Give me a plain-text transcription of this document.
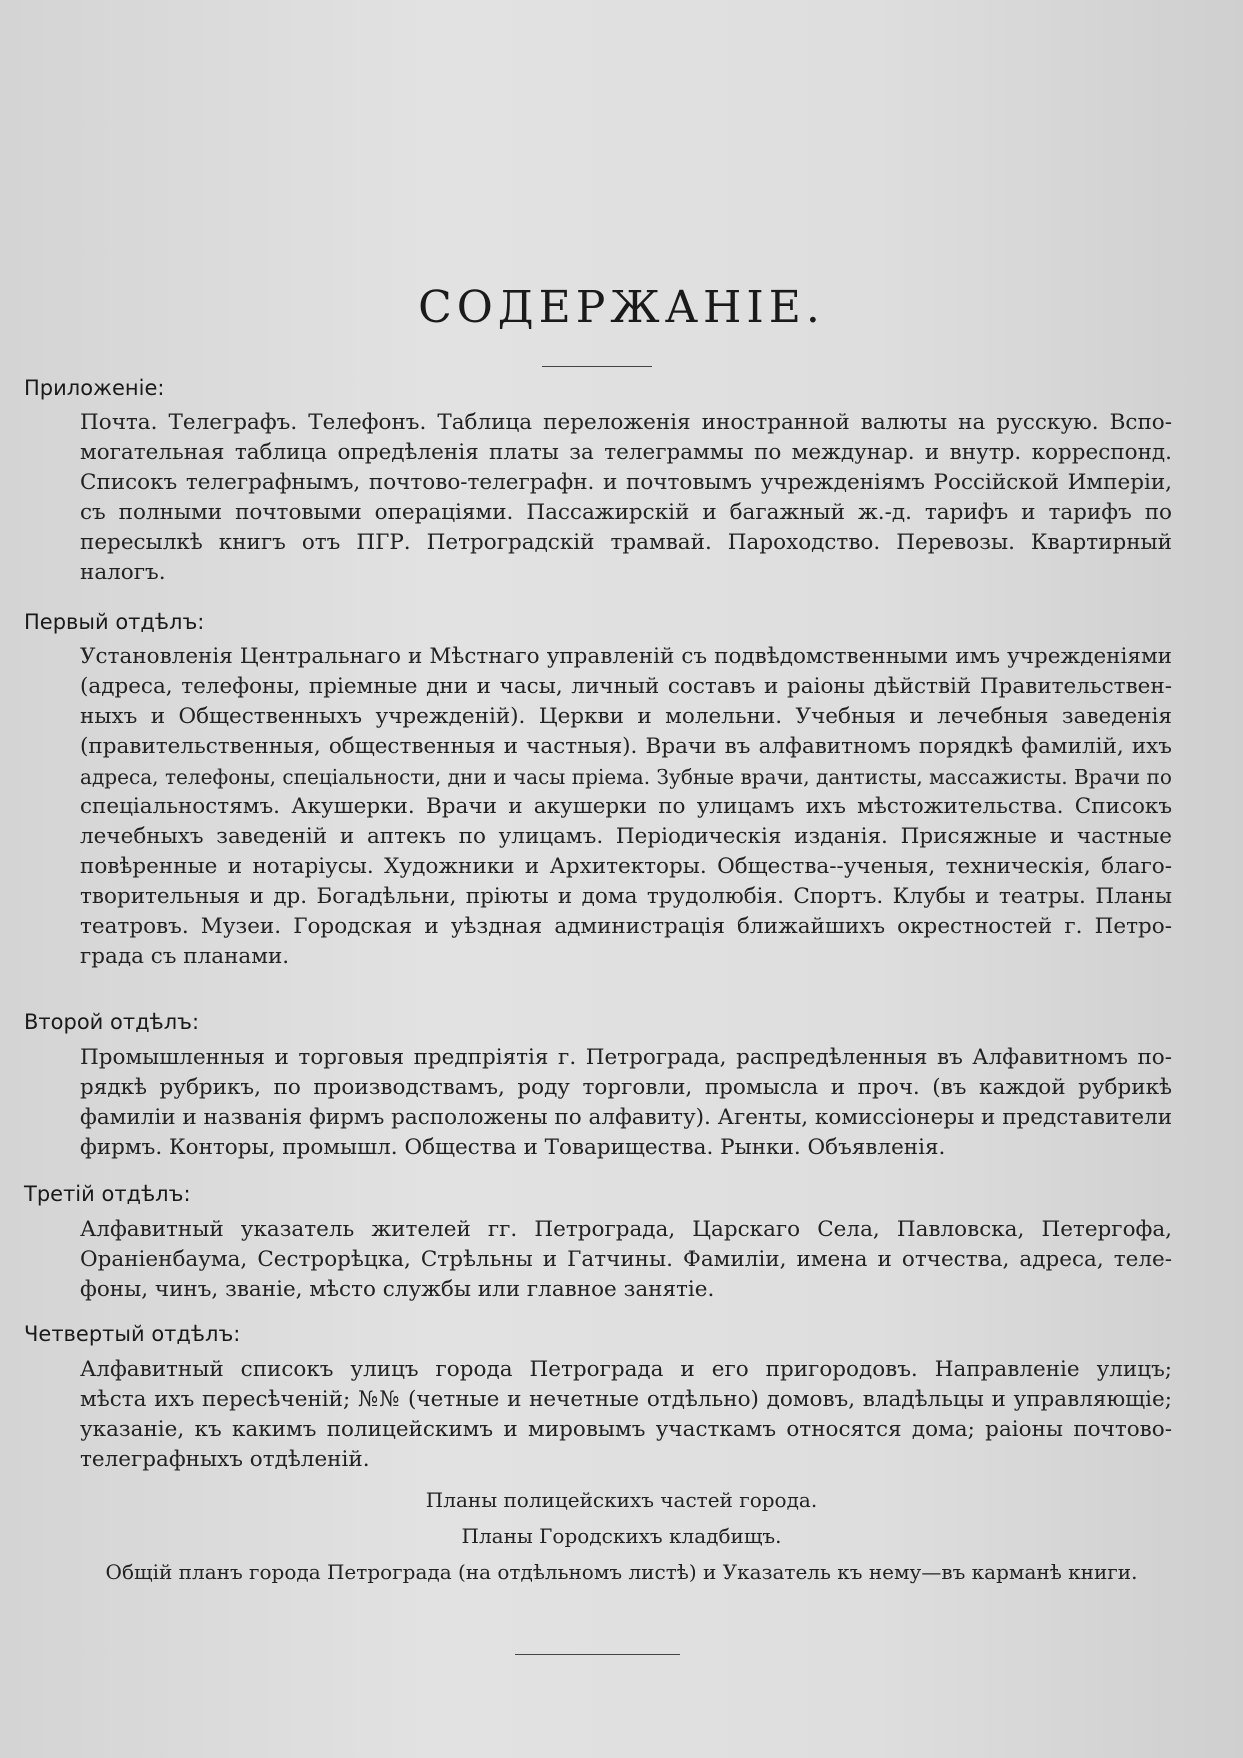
СОДЕРЖАНІЕ.
Приложеніе:
Почта. Телеграфъ. Телефонъ. Таблица переложенія иностранной валюты на русскую. Вспо-
могательная таблица опредѣленія платы за телеграммы по междунар. и внутр. корреспонд.
Списокъ телеграфнымъ, почтово-телеграфн. и почтовымъ учрежденіямъ Россійской Имперіи,
съ полными почтовыми операціями. Пассажирскій и багажный ж.-д. тарифъ и тарифъ по
пересылкѣ книгъ отъ ПГР. Петроградскій трамвай. Пароходство. Перевозы. Квартирный
налогъ.
Первый отдѣлъ:
Установленія Центральнаго и Мѣстнаго управленій съ подвѣдомственными имъ учрежденіями
(адреса, телефоны, пріемные дни и часы, личный составъ и раіоны дѣйствій Правительствен-
ныхъ и Общественныхъ учрежденій). Церкви и молельни. Учебныя и лечебныя заведенія
(правительственныя, общественныя и частныя). Врачи въ алфавитномъ порядкѣ фамилій, ихъ
адреса, телефоны, спеціальности, дни и часы пріема. Зубные врачи, дантисты, массажисты. Врачи по
спеціальностямъ. Акушерки. Врачи и акушерки по улицамъ ихъ мѣстожительства. Списокъ
лечебныхъ заведеній и аптекъ по улицамъ. Періодическія изданія. Присяжные и частные
повѣренные и нотаріусы. Художники и Архитекторы. Общества--ученыя, техническія, благо-
творительныя и др. Богадѣльни, пріюты и дома трудолюбія. Спортъ. Клубы и театры. Планы
театровъ. Музеи. Городская и уѣздная администрація ближайшихъ окрестностей г. Петро-
града съ планами.
Второй отдѣлъ:
Промышленныя и торговыя предпріятія г. Петрограда, распредѣленныя въ Алфавитномъ по-
рядкѣ рубрикъ, по производствамъ, роду торговли, промысла и проч. (въ каждой рубрикѣ
фамиліи и названія фирмъ расположены по алфавиту). Агенты, комиссіонеры и представители
фирмъ. Конторы, промышл. Общества и Товарищества. Рынки. Объявленія.
Третій отдѣлъ:
Алфавитный указатель жителей гг. Петрограда, Царскаго Села, Павловска, Петергофа,
Ораніенбаума, Сестрорѣцка, Стрѣльны и Гатчины. Фамиліи, имена и отчества, адреса, теле-
фоны, чинъ, званіе, мѣсто службы или главное занятіе.
Четвертый отдѣлъ:
Алфавитный списокъ улицъ города Петрограда и его пригородовъ. Направленіе улицъ;
мѣста ихъ пересѣченій; №№ (четные и нечетные отдѣльно) домовъ, владѣльцы и управляющіе;
указаніе, къ какимъ полицейскимъ и мировымъ участкамъ относятся дома; раіоны почтово-
телеграфныхъ отдѣленій.
Планы полицейскихъ частей города.
Планы Городскихъ кладбищъ.
Общій планъ города Петрограда (на отдѣльномъ листѣ) и Указатель къ нему—въ карманѣ книги.
